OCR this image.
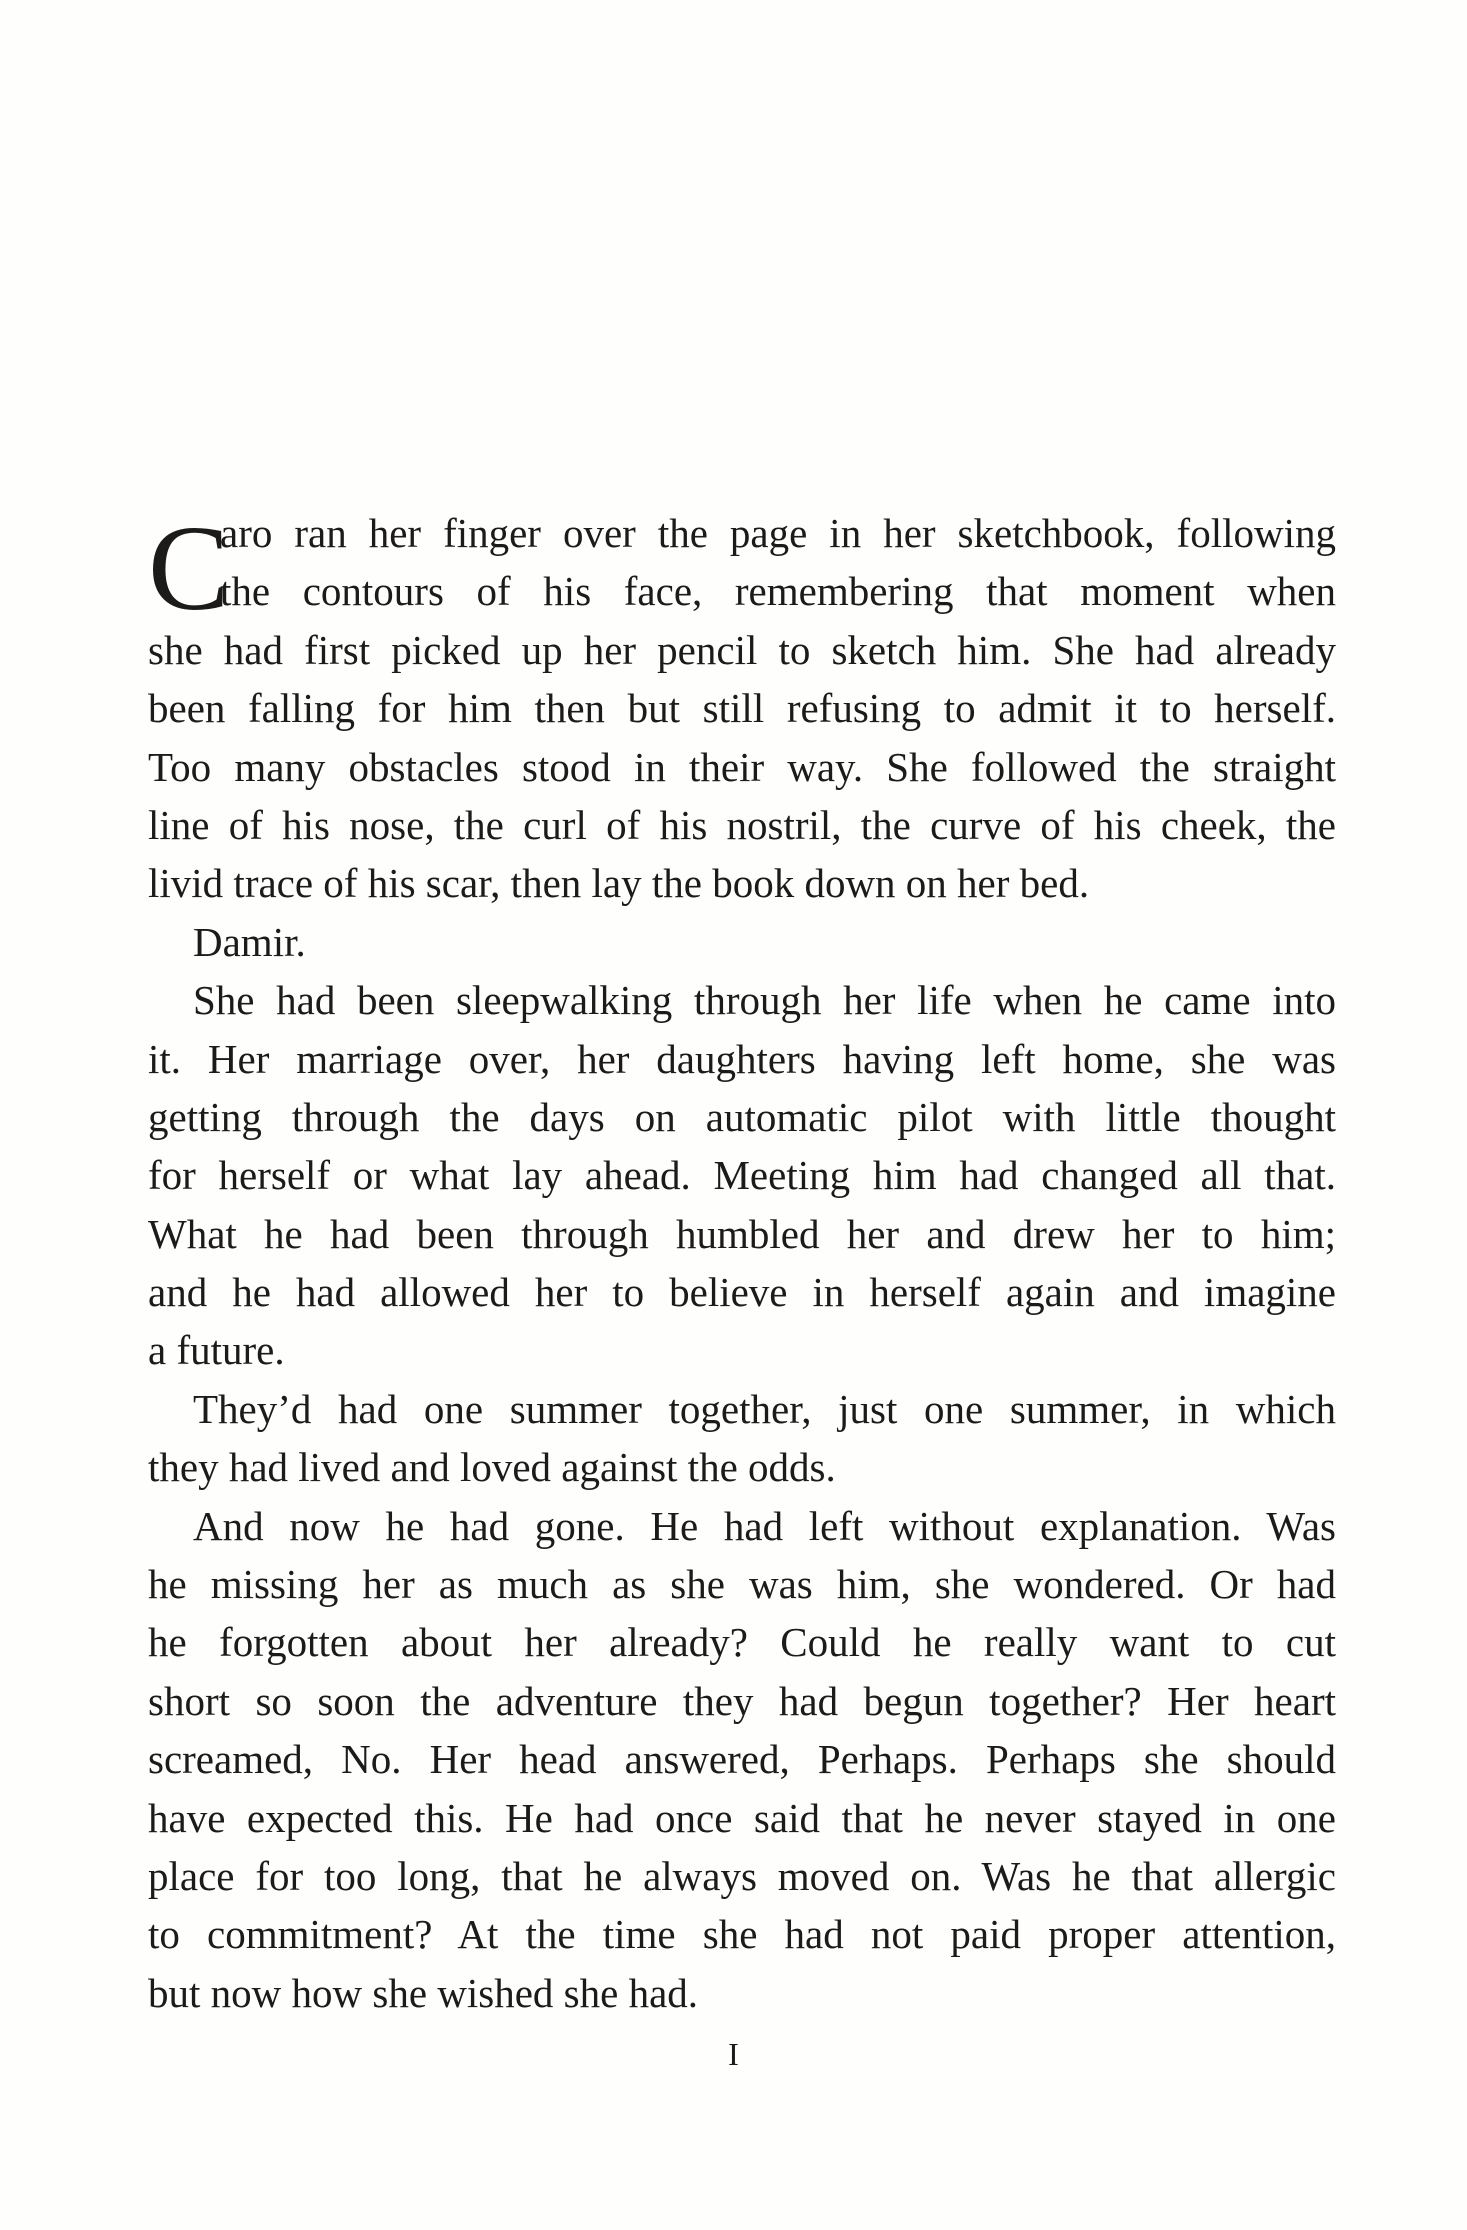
C
aro ran her finger over the page in her sketchbook, following
the contours of his face, remembering that moment when
she had first picked up her pencil to sketch him. She had already
been falling for him then but still refusing to admit it to herself.
Too many obstacles stood in their way. She followed the straight
line of his nose, the curl of his nostril, the curve of his cheek, the
livid trace of his scar, then lay the book down on her bed.
Damir.
She had been sleepwalking through her life when he came into
it. Her marriage over, her daughters having left home, she was
getting through the days on automatic pilot with little thought
for herself or what lay ahead. Meeting him had changed all that.
What he had been through humbled her and drew her to him;
and he had allowed her to believe in herself again and imagine
a future.
They’d had one summer together, just one summer, in which
they had lived and loved against the odds.
And now he had gone. He had left without explanation. Was
he missing her as much as she was him, she wondered. Or had
he forgotten about her already? Could he really want to cut
short so soon the adventure they had begun together? Her heart
screamed, No. Her head answered, Perhaps. Perhaps she should
have expected this. He had once said that he never stayed in one
place for too long, that he always moved on. Was he that allergic
to commitment? At the time she had not paid proper attention,
but now how she wished she had.
I
